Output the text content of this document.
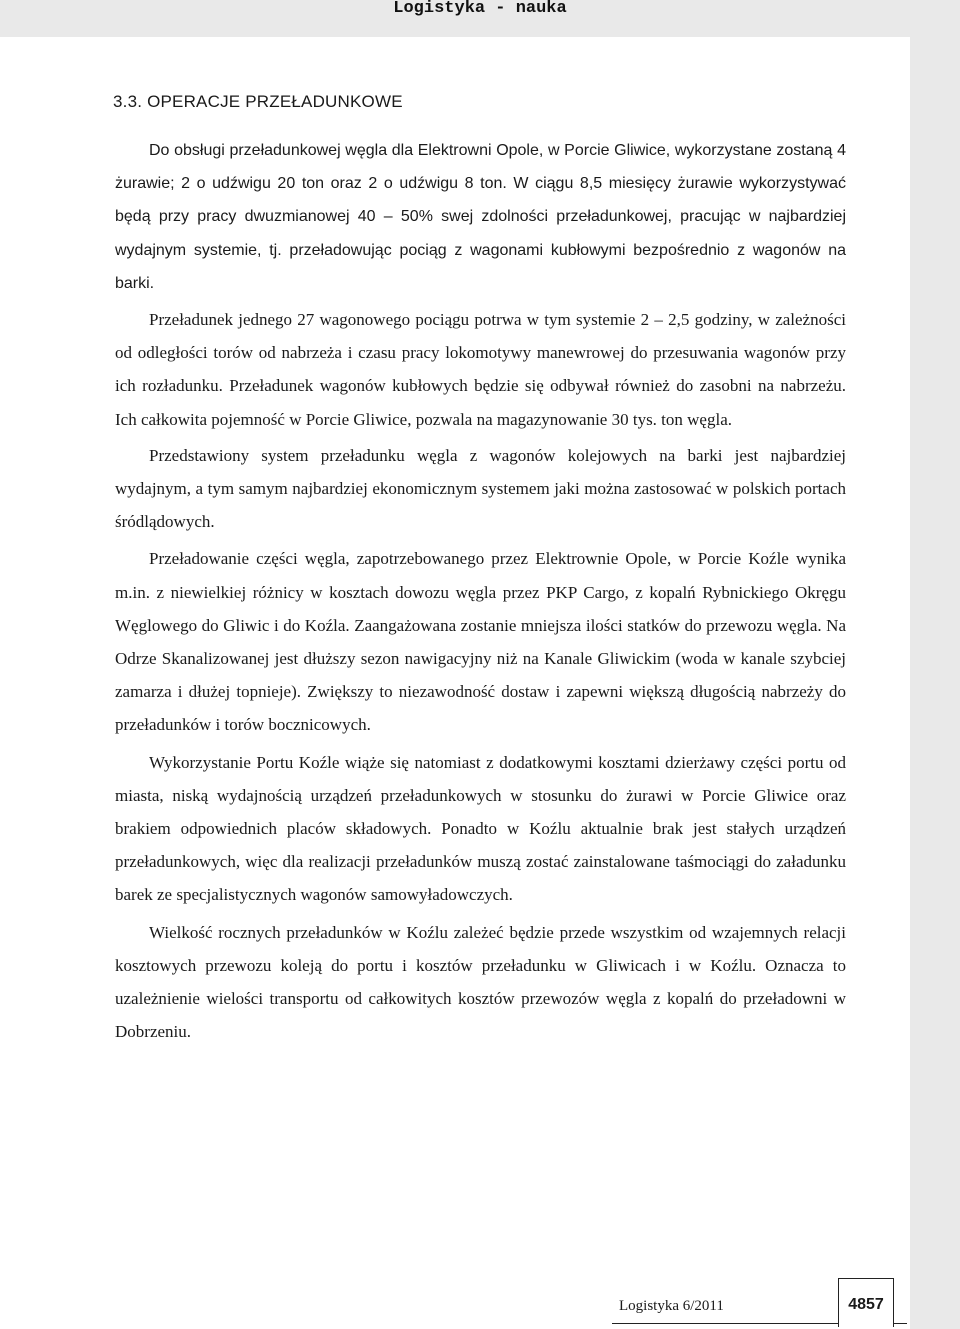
Logistyka - nauka
3.3. OPERACJE PRZEŁADUNKOWE

Do obsługi przeładunkowej węgla dla Elektrowni Opole, w Porcie Gliwice, wykorzystane zostaną 4 żurawie; 2 o udźwigu 20 ton oraz 2 o udźwigu 8 ton. W ciągu 8,5 miesięcy żurawie wykorzystywać będą przy pracy dwuzmianowej 40 – 50% swej zdolności przeładunkowej, pracując w najbardziej wydajnym systemie, tj. przeładowując pociąg z wagonami kubłowymi bezpośrednio z wagonów na barki.

Przeładunek jednego 27 wagonowego pociągu potrwa w tym systemie 2 – 2,5 godziny, w zależności od odległości torów od nabrzeża i czasu pracy lokomotywy manewrowej do przesuwania wagonów przy ich rozładunku. Przeładunek wagonów kubłowych będzie się odbywał również do zasobni na nabrzeżu. Ich całkowita pojemność w Porcie Gliwice, pozwala na magazynowanie 30 tys. ton węgla.

Przedstawiony system przeładunku węgla z wagonów kolejowych na barki jest najbardziej wydajnym, a tym samym najbardziej ekonomicznym systemem jaki można zastosować w polskich portach śródlądowych.

Przeładowanie części węgla, zapotrzebowanego przez Elektrownie Opole, w Porcie Koźle wynika m.in. z niewielkiej różnicy w kosztach dowozu węgla przez PKP Cargo, z kopalń Rybnickiego Okręgu Węglowego do Gliwic i do Koźla. Zaangażowana zostanie mniejsza ilości statków do przewozu węgla. Na Odrze Skanalizowanej jest dłuższy sezon nawigacyjny niż na Kanale Gliwickim (woda w kanale szybciej zamarza i dłużej topnieje). Zwiększy to niezawodność dostaw i zapewni większą długością nabrzeży do przeładunków i torów bocznicowych.

Wykorzystanie Portu Koźle wiąże się natomiast z dodatkowymi kosztami dzierżawy części portu od miasta, niską wydajnością urządzeń przeładunkowych w stosunku do żurawi w Porcie Gliwice oraz brakiem odpowiednich placów składowych. Ponadto w Koźlu aktualnie brak jest stałych urządzeń przeładunkowych, więc dla realizacji przeładunków muszą zostać zainstalowane taśmociągi do załadunku barek ze specjalistycznych wagonów samowyładowczych.

Wielkość rocznych przeładunków w Koźlu zależeć będzie przede wszystkim od wzajemnych relacji kosztowych przewozu koleją do portu i kosztów przeładunku w Gliwicach i w Koźlu. Oznacza to uzależnienie wielości transportu od całkowitych kosztów przewozów węgla z kopalń do przeładowni w Dobrzeniu.

Logistyka 6/2011	4857
